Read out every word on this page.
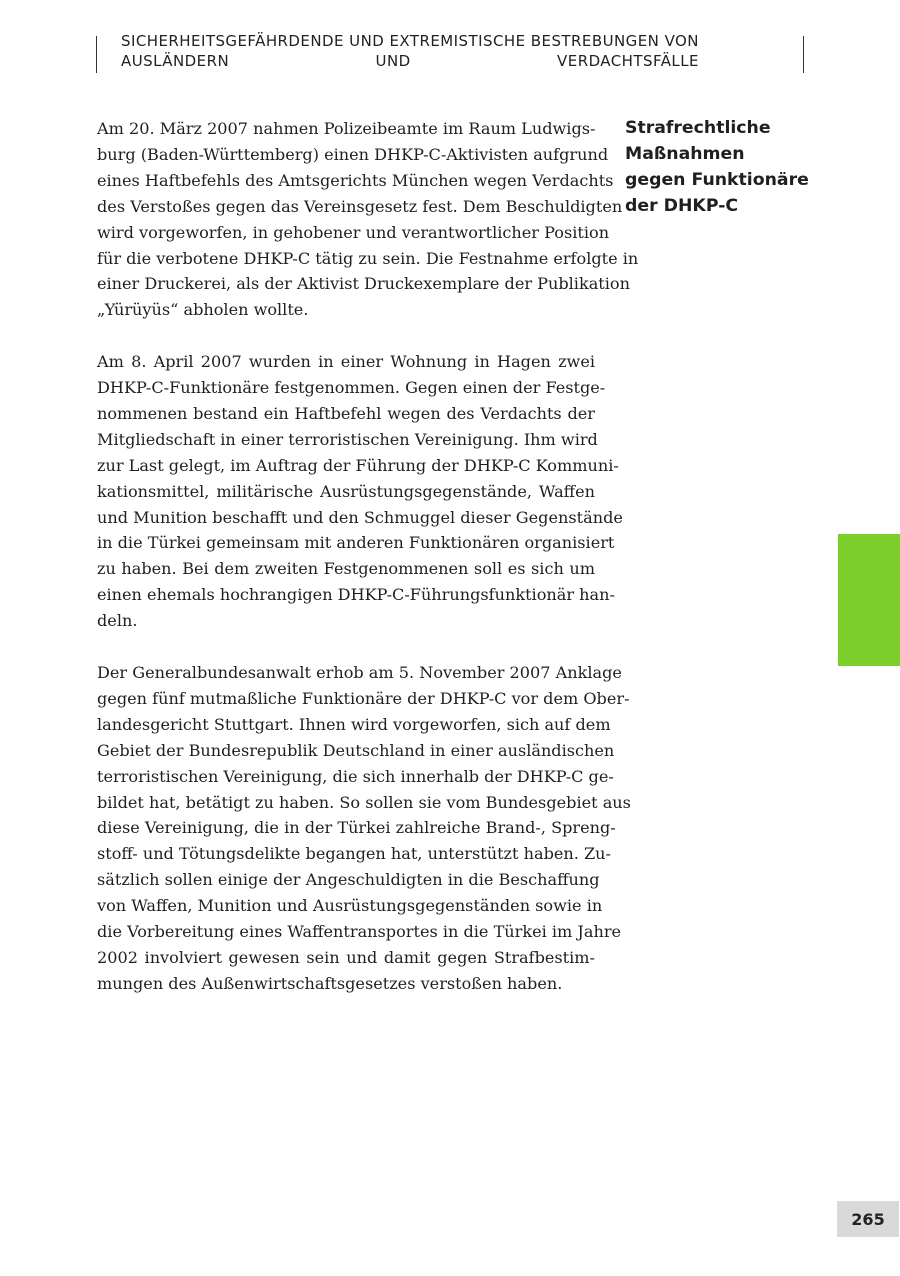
SICHERHEITSGEFÄHRDENDE UND EXTREMISTISCHE BESTREBUNGEN VON
AUSLÄNDERN UND VERDACHTSFÄLLE
Am 20. März 2007 nahmen Polizeibeamte im Raum Ludwigs-
burg (Baden-Württemberg) einen DHKP-C-Aktivisten aufgrund
eines Haftbefehls des Amtsgerichts München wegen Verdachts
des Verstoßes gegen das Vereinsgesetz fest. Dem Beschuldigten
wird vorgeworfen, in gehobener und verantwortlicher Position
für die verbotene DHKP-C tätig zu sein. Die Festnahme erfolgte in
einer Druckerei, als der Aktivist Druckexemplare der Publikation
„Yürüyüs“ abholen wollte.
Am 8. April 2007 wurden in einer Wohnung in Hagen zwei
DHKP-C-Funktionäre festgenommen. Gegen einen der Festge-
nommenen bestand ein Haftbefehl wegen des Verdachts der
Mitgliedschaft in einer terroristischen Vereinigung. Ihm wird
zur Last gelegt, im Auftrag der Führung der DHKP-C Kommuni-
kationsmittel, militärische Ausrüstungsgegenstände, Waffen
und Munition beschafft und den Schmuggel dieser Gegenstände
in die Türkei gemeinsam mit anderen Funktionären organisiert
zu haben. Bei dem zweiten Festgenommenen soll es sich um
einen ehemals hochrangigen DHKP-C-Führungsfunktionär han-
deln.
Der Generalbundesanwalt erhob am 5. November 2007 Anklage
gegen fünf mutmaßliche Funktionäre der DHKP-C vor dem Ober-
landesgericht Stuttgart. Ihnen wird vorgeworfen, sich auf dem
Gebiet der Bundesrepublik Deutschland in einer ausländischen
terroristischen Vereinigung, die sich innerhalb der DHKP-C ge-
bildet hat, betätigt zu haben. So sollen sie vom Bundesgebiet aus
diese Vereinigung, die in der Türkei zahlreiche Brand-, Spreng-
stoff- und Tötungsdelikte begangen hat, unterstützt haben. Zu-
sätzlich sollen einige der Angeschuldigten in die Beschaffung
von Waffen, Munition und Ausrüstungsgegenständen sowie in
die Vorbereitung eines Waffentransportes in die Türkei im Jahre
2002 involviert gewesen sein und damit gegen Strafbestim-
mungen des Außenwirtschaftsgesetzes verstoßen haben.
Strafrechtliche
Maßnahmen
gegen Funktionäre
der DHKP-C
265
